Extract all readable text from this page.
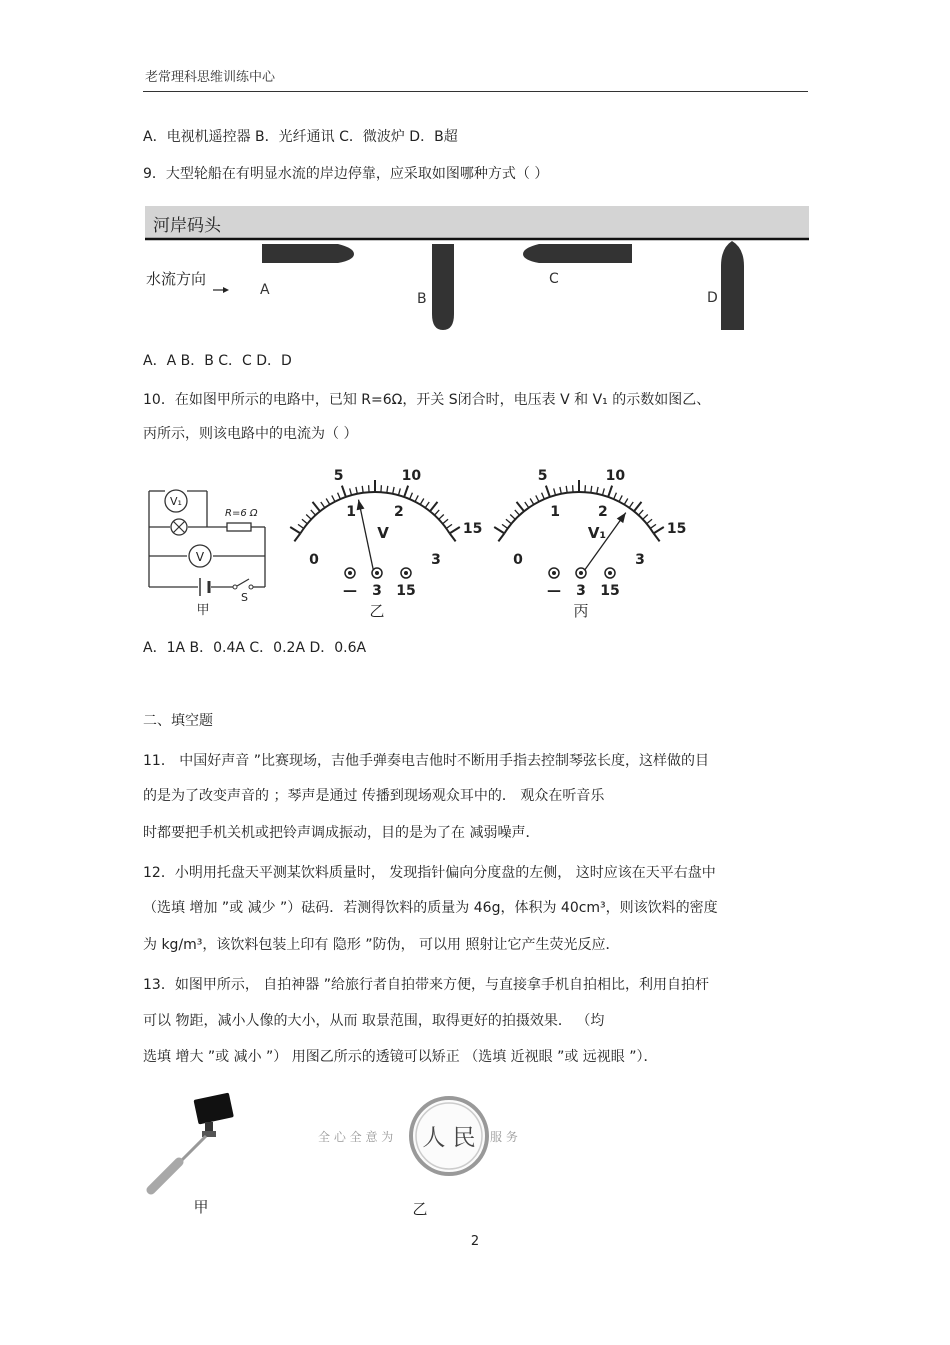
老常理科思维训练中心
A．电视机遥控器 B．光纤通讯 C．微波炉 D．B超
9．大型轮船在有明显水流的岸边停靠，应采取如图哪种方式（ ）
河岸码头
水流方向
A
B
C
D
A．A B．B C．C D．D
10．在如图甲所示的电路中，已知 R=6Ω，开关 S闭合时，电压表 V 和 V₁ 的示数如图乙、
丙所示，则该电路中的电流为（ ）
V₁
R=6 Ω
V
S
甲
0
1	2
3
5	10
15
V
— 3 15
乙
0
1	2
3
5	10
15
V₁
— 3 15
丙
A．1A B．0.4A C．0.2A D．0.6A
二、填空题
11． 中国好声音 ”比赛现场，吉他手弹奏电吉他时不断用手指去控制琴弦长度，这样做的目
的是为了改变声音的 ；琴声是通过 传播到现场观众耳中的． 观众在听音乐
时都要把手机关机或把铃声调成振动，目的是为了在 减弱噪声．
12．小明用托盘天平测某饮料质量时， 发现指针偏向分度盘的左侧， 这时应该在天平右盘中
（选填 增加 ”或 减少 ”）砝码．若测得饮料的质量为 46g，体积为 40cm³，则该饮料的密度
为 kg/m³，该饮料包装上印有 隐形 ”防伪， 可以用 照射让它产生荧光反应．
13．如图甲所示， 自拍神器 ”给旅行者自拍带来方便，与直接拿手机自拍相比，利用自拍杆
可以 物距，减小人像的大小，从而 取景范围，取得更好的拍摄效果． （均
选填 增大 ”或 减小 ”） 用图乙所示的透镜可以矫正 （选填 近视眼 ”或 远视眼 ”）．
甲
全 心 全 意 为 人 民 服 务
乙
2
